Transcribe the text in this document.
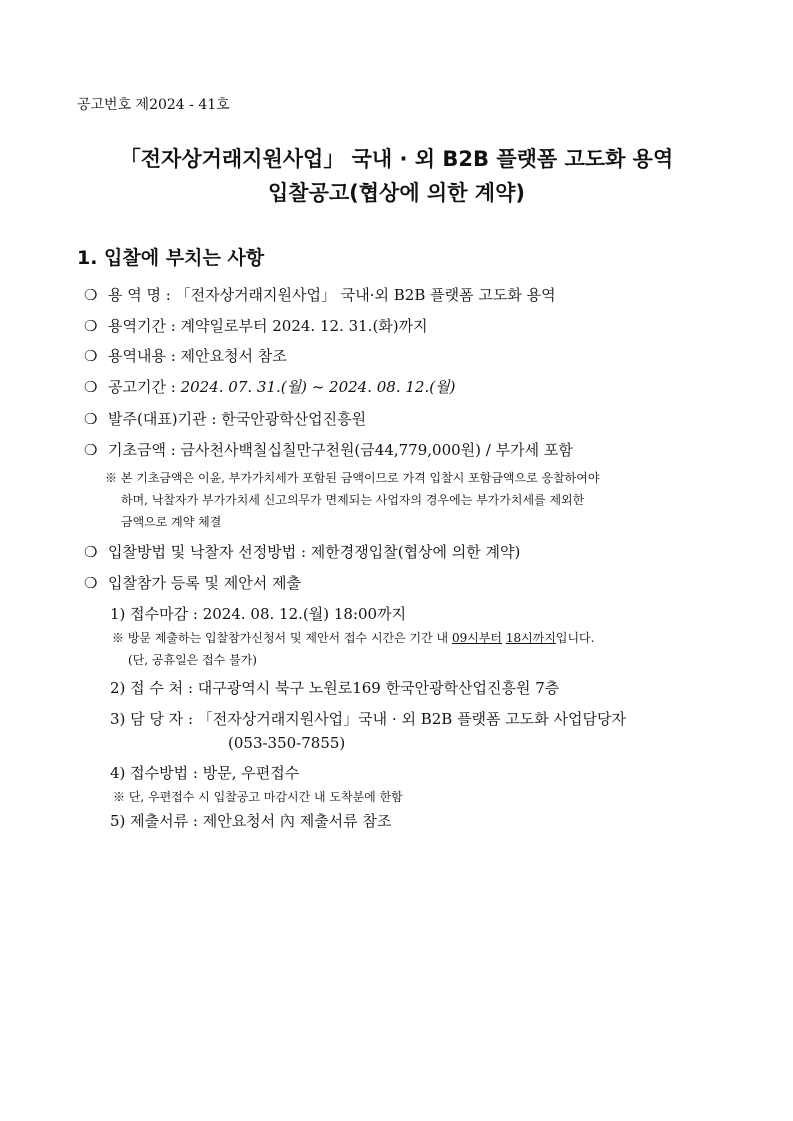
공고번호 제2024 - 41호
「전자상거래지원사업」 국내 · 외 B2B 플랫폼 고도화 용역
입찰공고(협상에 의한 계약)
1. 입찰에 부치는 사항
❍ 용 역 명 : 「전자상거래지원사업」 국내·외 B2B 플랫폼 고도화 용역
❍ 용역기간 : 계약일로부터 2024. 12. 31.(화)까지
❍ 용역내용 : 제안요청서 참조
❍ 공고기간 : 2024. 07. 31.(월) ~ 2024. 08. 12.(월)
❍ 발주(대표)기관 : 한국안광학산업진흥원
❍ 기초금액 : 금사천사백칠십칠만구천원(금44,779,000원) / 부가세 포함
※ 본 기초금액은 이윤, 부가가치세가 포함된 금액이므로 가격 입찰시 포함금액으로 응찰하여야
하며, 낙찰자가 부가가치세 신고의무가 면제되는 사업자의 경우에는 부가가치세를 제외한
금액으로 계약 체결
❍ 입찰방법 및 낙찰자 선정방법 : 제한경쟁입찰(협상에 의한 계약)
❍ 입찰참가 등록 및 제안서 제출
1) 접수마감 : 2024. 08. 12.(월) 18:00까지
※ 방문 제출하는 입찰참가신청서 및 제안서 접수 시간은 기간 내 09시부터 18시까지입니다.
(단, 공휴일은 접수 불가)
2) 접 수 처 : 대구광역시 북구 노원로169 한국안광학산업진흥원 7층
3) 담 당 자 : 「전자상거래지원사업」국내 · 외 B2B 플랫폼 고도화 사업담당자
(053-350-7855)
4) 접수방법 : 방문, 우편접수
※ 단, 우편접수 시 입찰공고 마감시간 내 도착분에 한함
5) 제출서류 : 제안요청서 內 제출서류 참조
